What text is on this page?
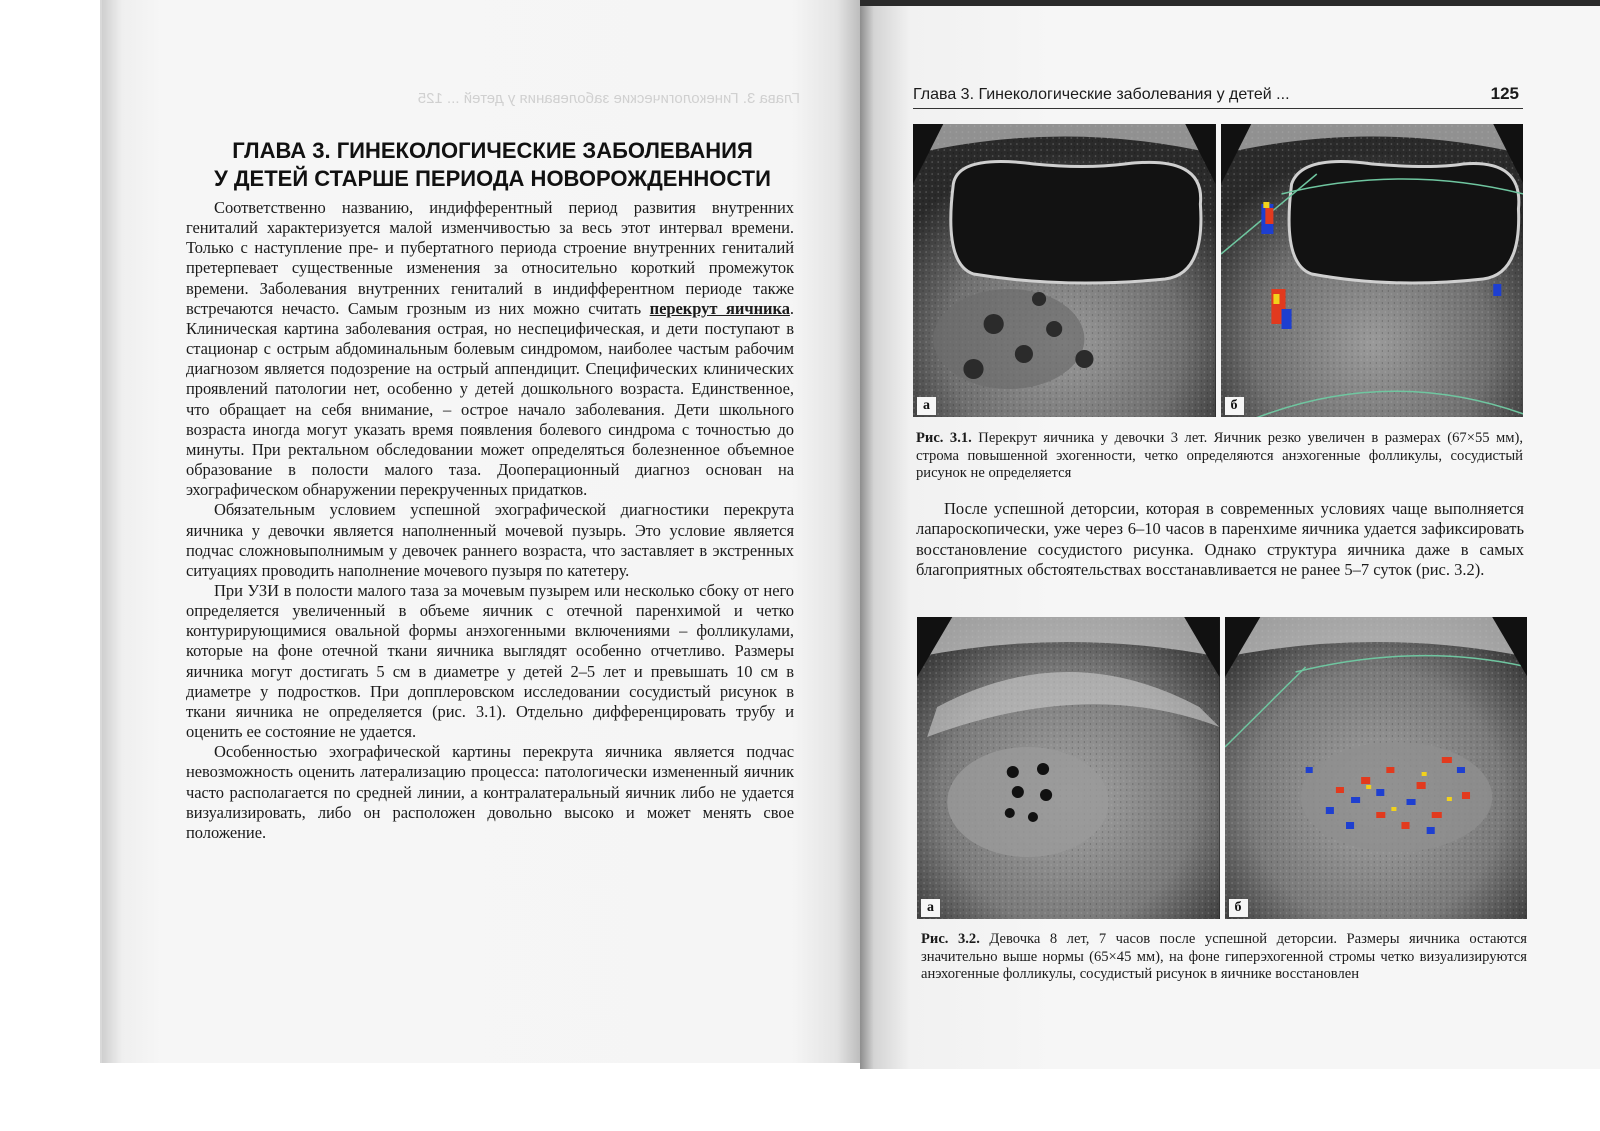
Глава 3. Гинекологические заболевания у детей ... 125
ГЛАВА 3. ГИНЕКОЛОГИЧЕСКИЕ ЗАБОЛЕВАНИЯ
У ДЕТЕЙ СТАРШЕ ПЕРИОДА НОВОРОЖДЕННОСТИ

Соответственно названию, индифферентный период развития внутренних гениталий характеризуется малой изменчивостью за весь этот интервал времени. Только с наступление пре- и пубертатного периода строение внутренних гениталий претерпевает существенные изменения за относительно короткий промежуток времени. Заболевания внутренних гениталий в индифферентном периоде также встречаются нечасто. Самым грозным из них можно считать перекрут яичника. Клиническая картина заболевания острая, но неспецифическая, и дети поступают в стационар с острым абдоминальным болевым синдромом, наиболее частым рабочим диагнозом является подозрение на острый аппендицит. Специфических клинических проявлений патологии нет, особенно у детей дошкольного возраста. Единственное, что обращает на себя внимание, – острое начало заболевания. Дети школьного возраста иногда могут указать время появления болевого синдрома с точностью до минуты. При ректальном обследовании может определяться болезненное объемное образование в полости малого таза. Дооперационный диагноз основан на эхографическом обнаружении перекрученных придатков.

Обязательным условием успешной эхографической диагностики перекрута яичника у девочки является наполненный мочевой пузырь. Это условие является подчас сложновыполнимым у девочек раннего возраста, что заставляет в экстренных ситуациях проводить наполнение мочевого пузыря по катетеру.

При УЗИ в полости малого таза за мочевым пузырем или несколько сбоку от него определяется увеличенный в объеме яичник с отечной паренхимой и четко контурирующимися овальной формы анэхогенными включениями – фолликулами, которые на фоне отечной ткани яичника выглядят особенно отчетливо. Размеры яичника могут достигать 5 см в диаметре у детей 2–5 лет и превышать 10 см в диаметре у подростков. При допплеровском исследовании сосудистый рисунок в ткани яичника не определяется (рис. 3.1). Отдельно дифференцировать трубу и оценить ее состояние не удается.

Особенностью эхографической картины перекрута яичника является подчас невозможность оценить латерализацию процесса: патологически измененный яичник часто располагается по средней линии, а контралатеральный яичник либо не удается визуализировать, либо он расположен довольно высоко и может менять свое положение.

Глава 3. Гинекологические заболевания у детей ...	125
а	б
Рис. 3.1. Перекрут яичника у девочки 3 лет. Яичник резко увеличен в размерах (67×55 мм), строма повышенной эхогенности, четко определяются анэхогенные фолликулы, сосудистый рисунок не определяется

После успешной деторсии, которая в современных условиях чаще выполняется лапароскопически, уже через 6–10 часов в паренхиме яичника удается зафиксировать восстановление сосудистого рисунка. Однако структура яичника даже в самых благоприятных обстоятельствах восстанавливается не ранее 5–7 суток (рис. 3.2).

а	б
Рис. 3.2. Девочка 8 лет, 7 часов после успешной деторсии. Размеры яичника остаются значительно выше нормы (65×45 мм), на фоне гиперэхогенной стромы четко визуализируются анэхогенные фолликулы, сосудистый рисунок в яичнике восстановлен
